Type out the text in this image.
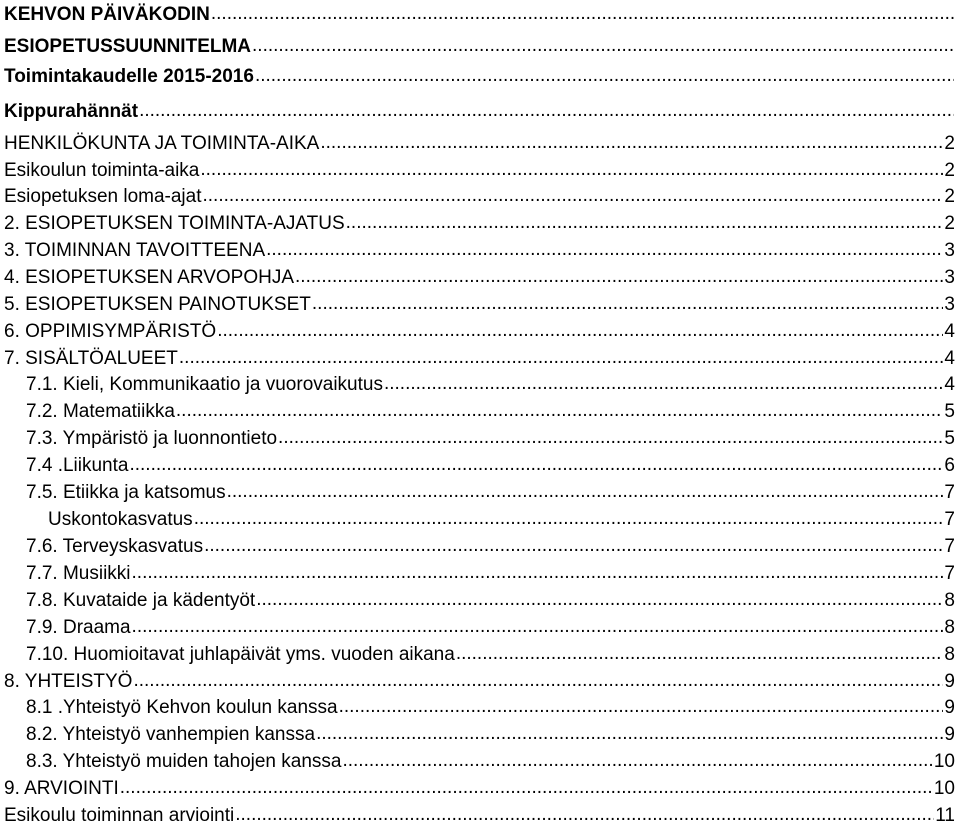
KEHVON PÄIVÄKODIN
.....
ESIOPETUSSUUNNITELMA
.....
Toimintakaudelle 2015-2016
.....
Kippurahännät
.....
HENKILÖKUNTA JA TOIMINTA-AIKA .....	2
Esikoulun toiminta-aika .....	2
Esiopetuksen loma-ajat .....	2
2. ESIOPETUKSEN TOIMINTA-AJATUS .....	2
3. TOIMINNAN TAVOITTEENA .....	3
4. ESIOPETUKSEN ARVOPOHJA .....	3
5. ESIOPETUKSEN PAINOTUKSET .....	3
6. OPPIMISYMPÄRISTÖ .....	4
7. SISÄLTÖALUEET .....	4
7.1. Kieli, Kommunikaatio ja vuorovaikutus .....	4
7.2. Matematiikka .....	5
7.3. Ympäristö ja luonnontieto .....	5
7.4 .Liikunta .....	6
7.5. Etiikka ja katsomus .....	7
Uskontokasvatus .....	7
7.6. Terveyskasvatus .....	7
7.7. Musiikki .....	7
7.8. Kuvataide ja kädentyöt .....	8
7.9. Draama .....	8
7.10. Huomioitavat juhlapäivät yms. vuoden aikana .....	8
8. YHTEISTYÖ .....	9
8.1 .Yhteistyö Kehvon koulun kanssa .....	9
8.2. Yhteistyö vanhempien kanssa .....	9
8.3. Yhteistyö muiden tahojen kanssa .....	10
9. ARVIOINTI .....	10
Esikoulu toiminnan arviointi .....	11
